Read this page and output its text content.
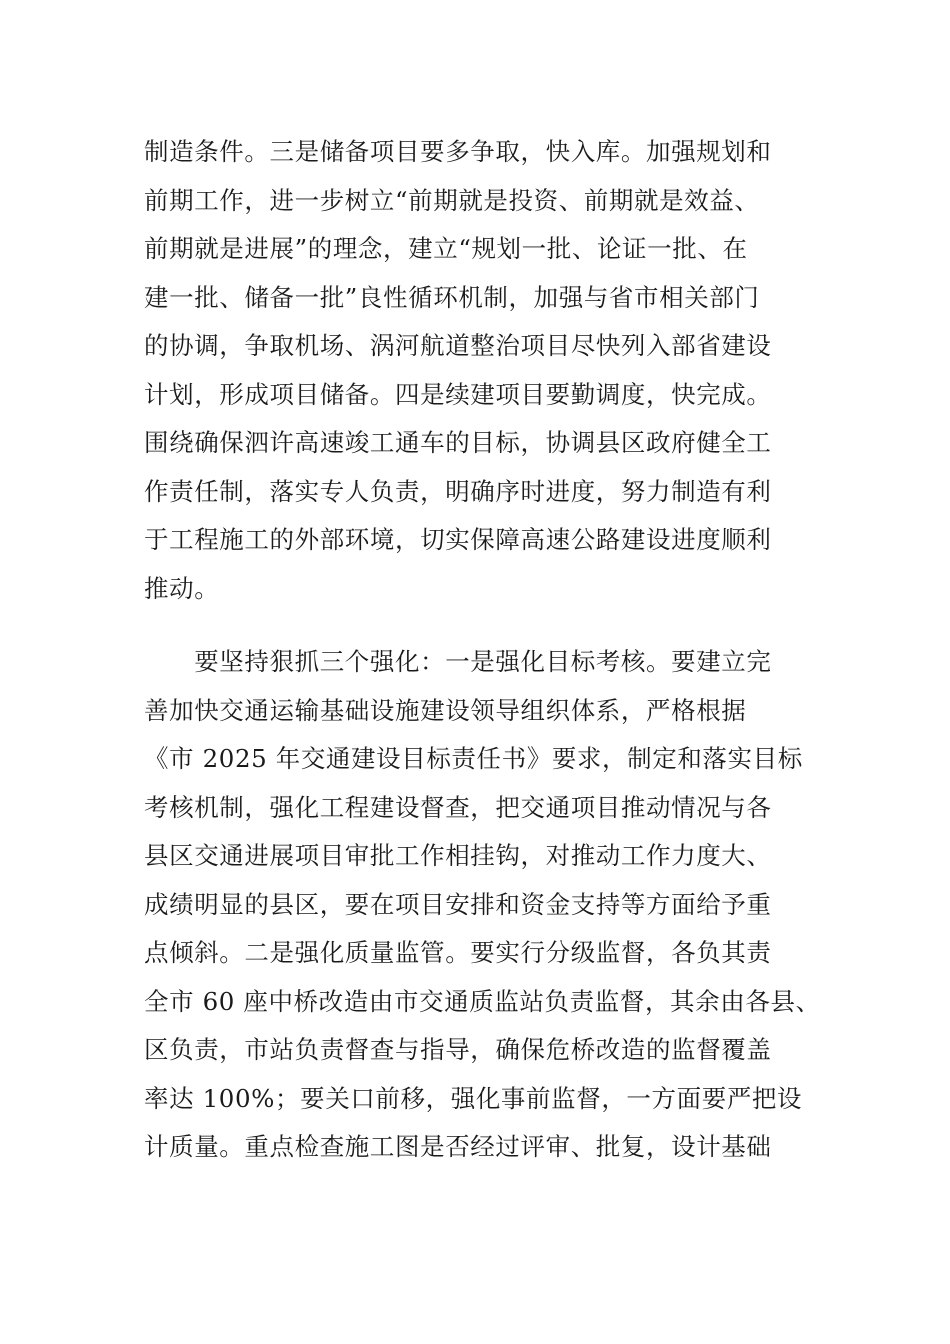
制造条件。三是储备项目要多争取，快入库。加强规划和
前期工作，进一步树立“前期就是投资、前期就是效益、
前期就是进展”的理念，建立“规划一批、论证一批、在
建一批、储备一批”良性循环机制，加强与省市相关部门
的协调，争取机场、涡河航道整治项目尽快列入部省建设
计划，形成项目储备。四是续建项目要勤调度，快完成。
围绕确保泗许高速竣工通车的目标，协调县区政府健全工
作责任制，落实专人负责，明确序时进度，努力制造有利
于工程施工的外部环境，切实保障高速公路建设进度顺利
推动。
　　要坚持狠抓三个强化：一是强化目标考核。要建立完
善加快交通运输基础设施建设领导组织体系，严格根据
《市 2025 年交通建设目标责任书》要求，制定和落实目标
考核机制，强化工程建设督查，把交通项目推动情况与各
县区交通进展项目审批工作相挂钩，对推动工作力度大、
成绩明显的县区，要在项目安排和资金支持等方面给予重
点倾斜。二是强化质量监管。要实行分级监督，各负其责
全市 60 座中桥改造由市交通质监站负责监督，其余由各县、
区负责，市站负责督查与指导，确保危桥改造的监督覆盖
率达 100%；要关口前移，强化事前监督，一方面要严把设
计质量。重点检查施工图是否经过评审、批复，设计基础
